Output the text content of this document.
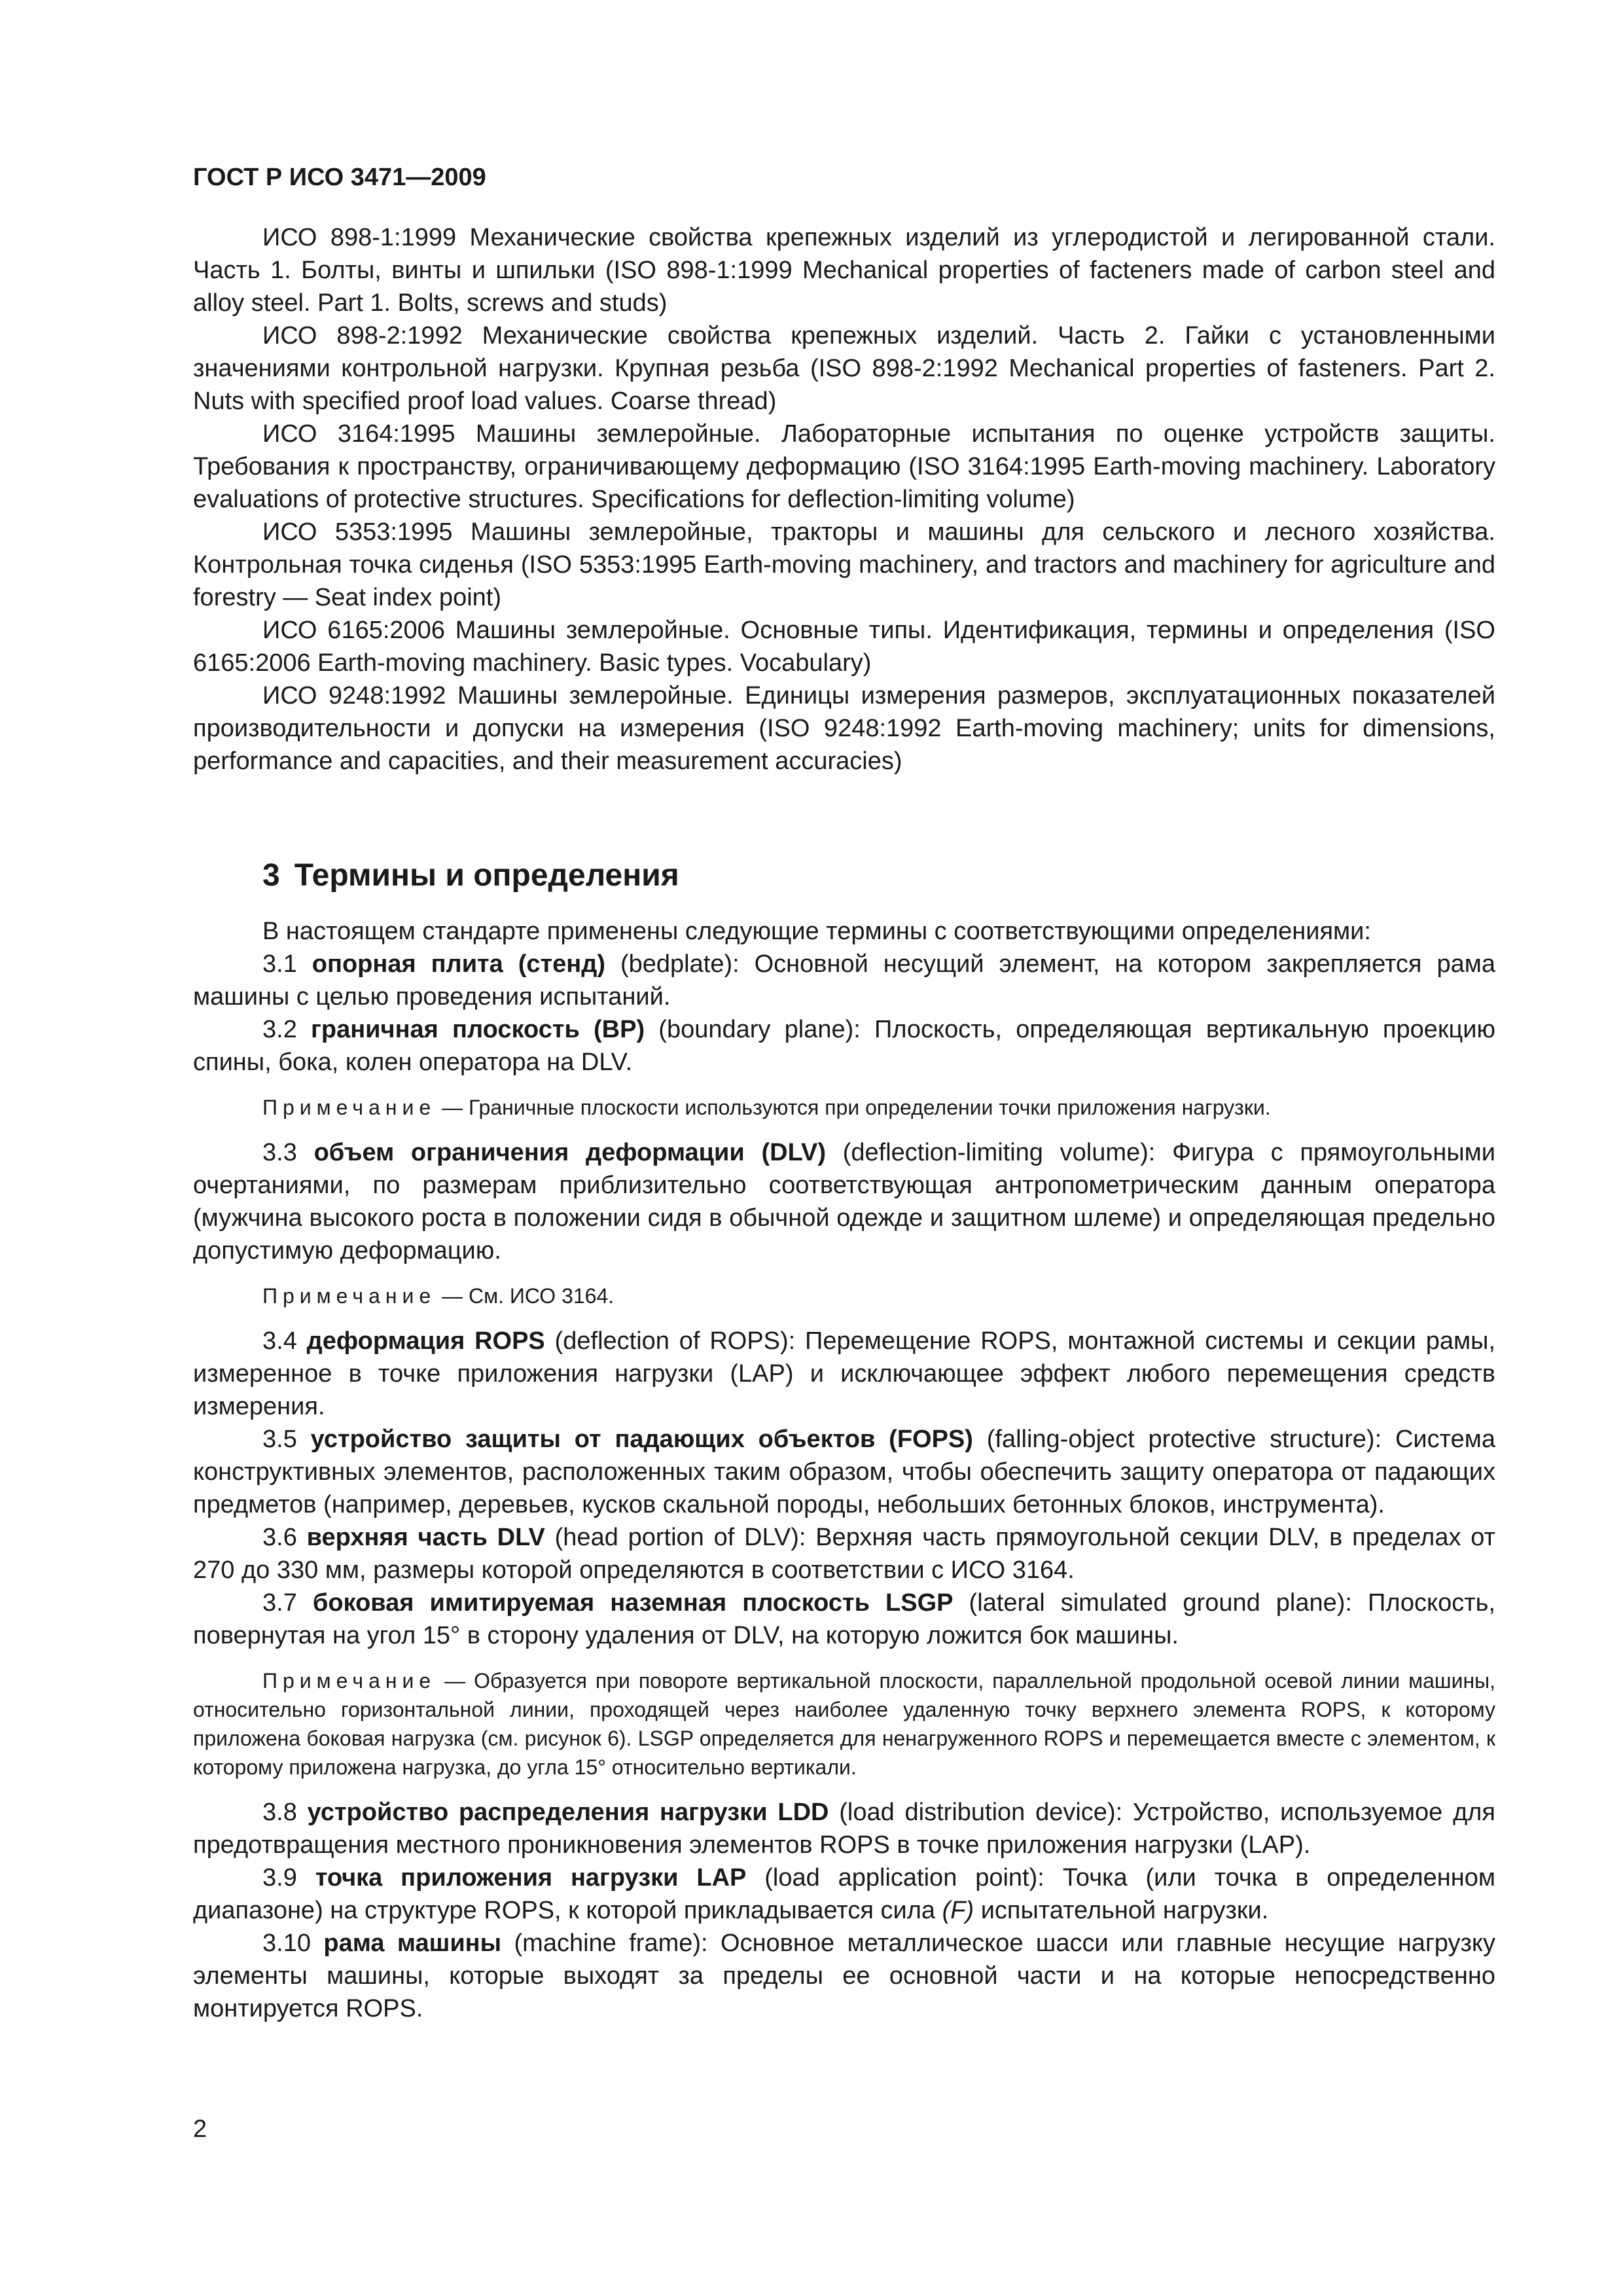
ГОСТ Р ИСО 3471—2009

ИСО 898-1:1999 Механические свойства крепежных изделий из углеродистой и легированной стали. Часть 1. Болты, винты и шпильки (ISO 898-1:1999 Mechanical properties of facteners made of carbon steel and alloy steel. Part 1. Bolts, screws and studs)

ИСО 898-2:1992 Механические свойства крепежных изделий. Часть 2. Гайки с установленными значениями контрольной нагрузки. Крупная резьба (ISO 898-2:1992 Mechanical properties of fasteners. Part 2. Nuts with specified proof load values. Coarse thread)

ИСО 3164:1995 Машины землеройные. Лабораторные испытания по оценке устройств защиты. Требования к пространству, ограничивающему деформацию (ISO 3164:1995 Earth-moving machinery. Laboratory evaluations of protective structures. Specifications for deflection-limiting volume)

ИСО 5353:1995 Машины землеройные, тракторы и машины для сельского и лесного хозяйства. Контрольная точка сиденья (ISO 5353:1995 Earth-moving machinery, and tractors and machinery for agriculture and forestry — Seat index point)

ИСО 6165:2006 Машины землеройные. Основные типы. Идентификация, термины и определения (ISO 6165:2006 Earth-moving machinery. Basic types. Vocabulary)

ИСО 9248:1992 Машины землеройные. Единицы измерения размеров, эксплуатационных показателей производительности и допуски на измерения (ISO 9248:1992 Earth-moving machinery; units for dimensions, performance and capacities, and their measurement accuracies)

3 Термины и определения

В настоящем стандарте применены следующие термины с соответствующими определениями:

3.1 опорная плита (стенд) (bedplate): Основной несущий элемент, на котором закрепляется рама машины с целью проведения испытаний.

3.2 граничная плоскость (BP) (boundary plane): Плоскость, определяющая вертикальную проекцию спины, бока, колен оператора на DLV.

Примечание — Граничные плоскости используются при определении точки приложения нагрузки.

3.3 объем ограничения деформации (DLV) (deflection-limiting volume): Фигура с прямоугольными очертаниями, по размерам приблизительно соответствующая антропометрическим данным оператора (мужчина высокого роста в положении сидя в обычной одежде и защитном шлеме) и определяющая предельно допустимую деформацию.

Примечание — См. ИСО 3164.

3.4 деформация ROPS (deflection of ROPS): Перемещение ROPS, монтажной системы и секции рамы, измеренное в точке приложения нагрузки (LAP) и исключающее эффект любого перемещения средств измерения.

3.5 устройство защиты от падающих объектов (FOPS) (falling-object protective structure): Система конструктивных элементов, расположенных таким образом, чтобы обеспечить защиту оператора от падающих предметов (например, деревьев, кусков скальной породы, небольших бетонных блоков, инструмента).

3.6 верхняя часть DLV (head portion of DLV): Верхняя часть прямоугольной секции DLV, в пределах от 270 до 330 мм, размеры которой определяются в соответствии с ИСО 3164.

3.7 боковая имитируемая наземная плоскость LSGP (lateral simulated ground plane): Плоскость, повернутая на угол 15° в сторону удаления от DLV, на которую ложится бок машины.

Примечание — Образуется при повороте вертикальной плоскости, параллельной продольной осевой линии машины, относительно горизонтальной линии, проходящей через наиболее удаленную точку верхнего элемента ROPS, к которому приложена боковая нагрузка (см. рисунок 6). LSGP определяется для ненагруженного ROPS и перемещается вместе с элементом, к которому приложена нагрузка, до угла 15° относительно вертикали.

3.8 устройство распределения нагрузки LDD (load distribution device): Устройство, используемое для предотвращения местного проникновения элементов ROPS в точке приложения нагрузки (LAP).

3.9 точка приложения нагрузки LAP (load application point): Точка (или точка в определенном диапазоне) на структуре ROPS, к которой прикладывается сила (F) испытательной нагрузки.

3.10 рама машины (machine frame): Основное металлическое шасси или главные несущие нагрузку элементы машины, которые выходят за пределы ее основной части и на которые непосредственно монтируется ROPS.

2
